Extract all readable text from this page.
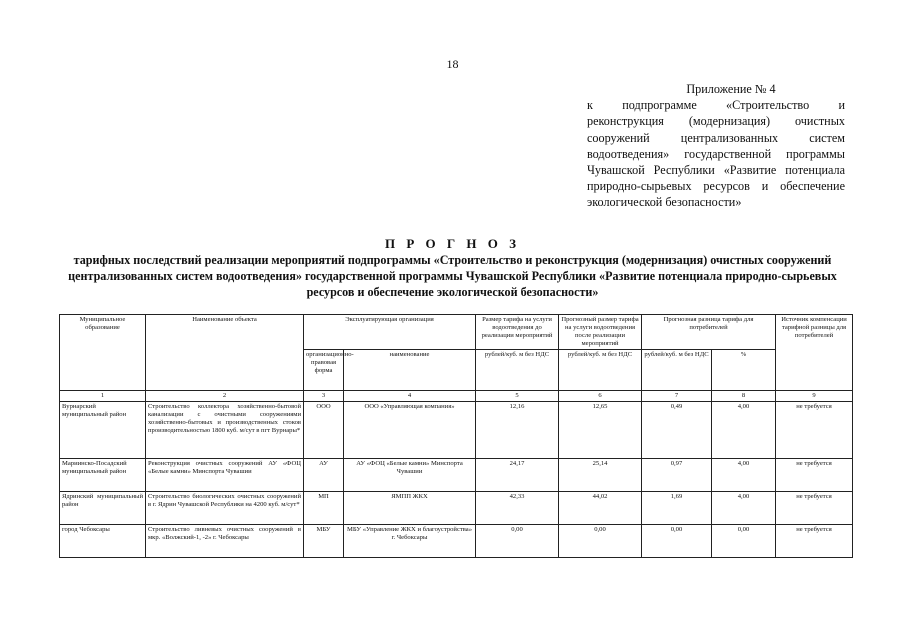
18
Приложение № 4
к подпрограмме «Строительство и реконструкция (модернизация) очистных сооружений централизованных систем водоотведения» государственной программы Чувашской Республики «Развитие потенциала природно-сырьевых ресурсов и обеспечение экологической безопасности»
П Р О Г Н О З
тарифных последствий реализации мероприятий подпрограммы «Строительство и реконструкция (модернизация) очистных сооружений централизованных систем водоотведения» государственной программы Чувашской Республики «Развитие потенциала природно-сырьевых ресурсов и обеспечение экологической безопасности»
Муниципальное образование	Наименование объекта	Эксплуатирующая организация		Размер тарифа на услуги водоотведения до реализации мероприятий	Прогнозный размер тарифа на услуги водоотведения после реализации мероприятий	Прогнозная разница тарифа для потребителей		Источник компенсации тарифной разницы для потребителей
		организационно-правовая форма	наименование	рублей/куб. м без НДС	рублей/куб. м без НДС	рублей/куб. м без НДС	%	
1	2	3	4	5	6	7	8	9
Вурнарский муниципальный район	Строительство коллектора хозяйственно-бытовой канализации с очистными сооружениями хозяйственно-бытовых и производственных стоков производительностью 1800 куб. м/сут в пгт Вурнары*	ООО	ООО «Управляющая компания»	12,16	12,65	0,49	4,00	не требуется
Мариинско-Посадский муниципальный район	Реконструкция очистных сооружений АУ «ФОЦ «Белые камни» Минспорта Чувашии	АУ	АУ «ФОЦ «Белые камни» Минспорта Чувашии	24,17	25,14	0,97	4,00	не требуется
Ядринский муниципальный район	Строительство биологических очистных сооружений в г. Ядрин Чувашской Республики на 4200 куб. м/сут*	МП	ЯМПП ЖКХ	42,33	44,02	1,69	4,00	не требуется
город Чебоксары	Строительство ливневых очистных сооружений в мкр. «Волжский-1, -2» г. Чебоксары	МБУ	МБУ «Управление ЖКХ и благоустройства» г. Чебоксары	0,00	0,00	0,00	0,00	не требуется
